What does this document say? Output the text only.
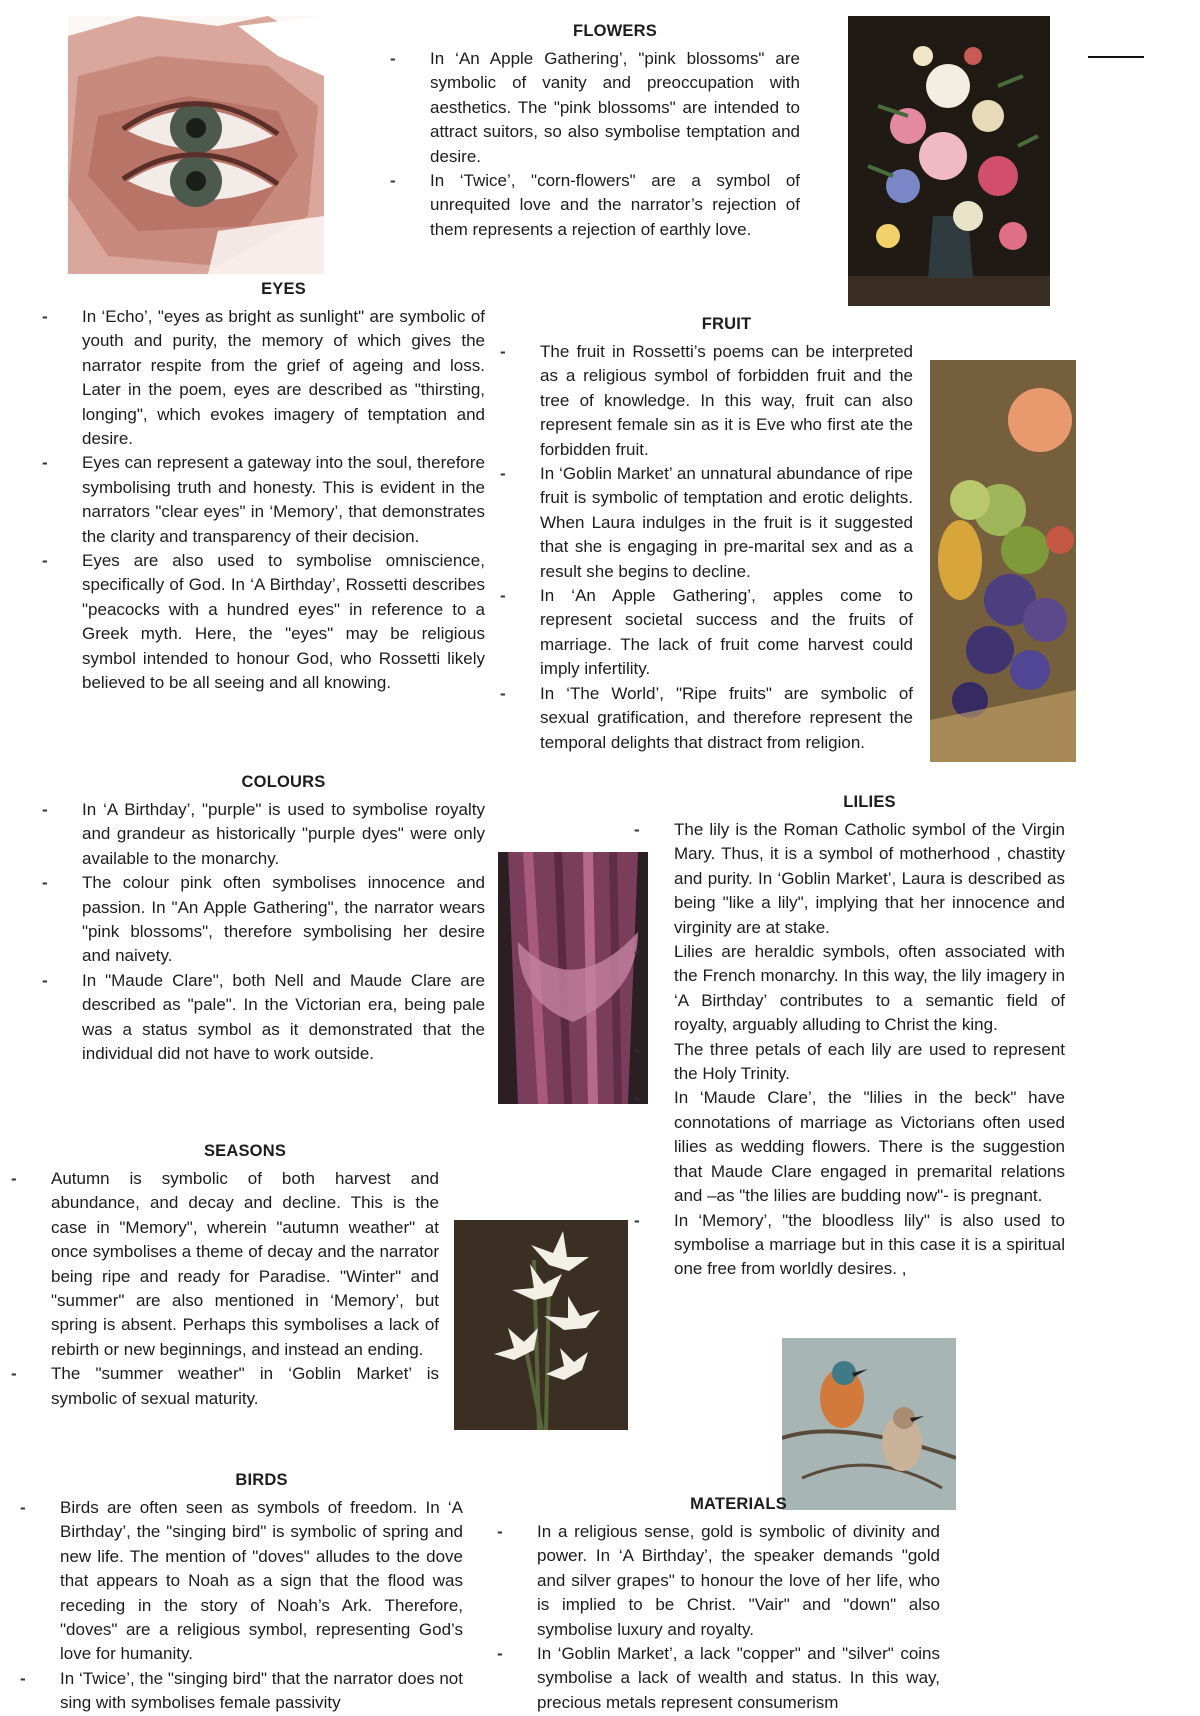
FLOWERS
- In ‘An Apple Gathering’, "pink blossoms" are symbolic of vanity and preoccupation with aesthetics. The "pink blossoms" are intended to attract suitors, so also symbolise temptation and desire.
- In ‘Twice’, "corn-flowers" are a symbol of unrequited love and the narrator’s rejection of them represents a rejection of earthly love.
EYES
- In ‘Echo’, "eyes as bright as sunlight" are symbolic of youth and purity, the memory of which gives the narrator respite from the grief of ageing and loss. Later in the poem, eyes are described as "thirsting, longing", which evokes imagery of temptation and desire.
- Eyes can represent a gateway into the soul, therefore symbolising truth and honesty. This is evident in the narrators "clear eyes" in ‘Memory’, that demonstrates the clarity and transparency of their decision.
- Eyes are also used to symbolise omniscience, specifically of God. In ‘A Birthday’, Rossetti describes "peacocks with a hundred eyes" in reference to a Greek myth. Here, the "eyes" may be religious symbol intended to honour God, who Rossetti likely believed to be all seeing and all knowing.
FRUIT
- The fruit in Rossetti’s poems can be interpreted as a religious symbol of forbidden fruit and the tree of knowledge. In this way, fruit can also represent female sin as it is Eve who first ate the forbidden fruit.
- In ‘Goblin Market’ an unnatural abundance of ripe fruit is symbolic of temptation and erotic delights. When Laura indulges in the fruit is it suggested that she is engaging in pre-marital sex and as a result she begins to decline.
- In ‘An Apple Gathering’, apples come to represent societal success and the fruits of marriage. The lack of fruit come harvest could imply infertility.
- In ‘The World’, "Ripe fruits" are symbolic of sexual gratification, and therefore represent the temporal delights that distract from religion.
COLOURS
- In ‘A Birthday’, "purple" is used to symbolise royalty and grandeur as historically "purple dyes" were only available to the monarchy.
- The colour pink often symbolises innocence and passion. In "An Apple Gathering", the narrator wears "pink blossoms", therefore symbolising her desire and naivety.
- In "Maude Clare", both Nell and Maude Clare are described as "pale". In the Victorian era, being pale was a status symbol as it demonstrated that the individual did not have to work outside.
LILIES
- The lily is the Roman Catholic symbol of the Virgin Mary. Thus, it is a symbol of motherhood , chastity and purity. In ‘Goblin Market’, Laura is described as being "like a lily", implying that her innocence and virginity are at stake.
- Lilies are heraldic symbols, often associated with the French monarchy. In this way, the lily imagery in ‘A Birthday’ contributes to a semantic field of royalty, arguably alluding to Christ the king.
- The three petals of each lily are used to represent the Holy Trinity.
- In ‘Maude Clare’, the "lilies in the beck" have connotations of marriage as Victorians often used lilies as wedding flowers. There is the suggestion that Maude Clare engaged in premarital relations and –as "the lilies are budding now"- is pregnant.
- In ‘Memory’, "the bloodless lily" is also used to symbolise a marriage but in this case it is a spiritual one free from worldly desires. ,
SEASONS
- Autumn is symbolic of both harvest and abundance, and decay and decline. This is the case in "Memory", wherein "autumn weather" at once symbolises a theme of decay and the narrator being ripe and ready for Paradise. "Winter" and "summer" are also mentioned in ‘Memory’, but spring is absent. Perhaps this symbolises a lack of rebirth or new beginnings, and instead an ending.
- The "summer weather" in ‘Goblin Market’ is symbolic of sexual maturity.
BIRDS
- Birds are often seen as symbols of freedom. In ‘A Birthday’, the "singing bird" is symbolic of spring and new life. The mention of "doves" alludes to the dove that appears to Noah as a sign that the flood was receding in the story of Noah’s Ark. Therefore, "doves" are a religious symbol, representing God’s love for humanity.
- In ‘Twice’, the "singing bird" that the narrator does not sing with symbolises female passivity
MATERIALS
- In a religious sense, gold is symbolic of divinity and power. In ‘A Birthday’, the speaker demands "gold and silver grapes" to honour the love of her life, who is implied to be Christ. "Vair" and "down" also symbolise luxury and royalty.
- In ‘Goblin Market’, a lack "copper" and "silver" coins symbolise a lack of wealth and status. In this way, precious metals represent consumerism
